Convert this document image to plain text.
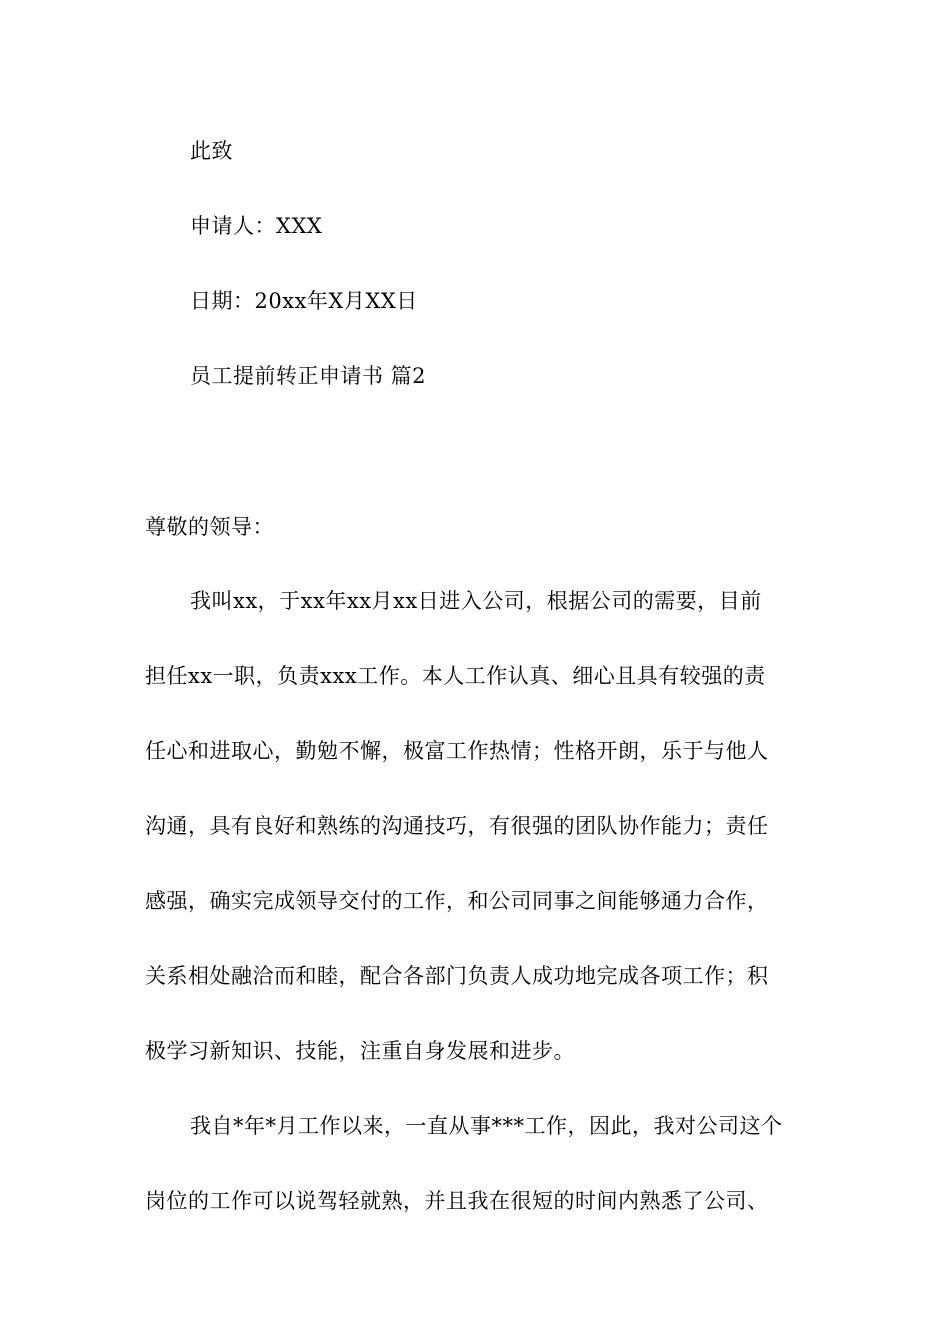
此致
申请人：XXX
日期：20xx年X月XX日
员工提前转正申请书 篇2
尊敬的领导：
我叫xx，于xx年xx月xx日进入公司，根据公司的需要，目前
担任xx一职，负责xxx工作。本人工作认真、细心且具有较强的责
任心和进取心，勤勉不懈，极富工作热情；性格开朗，乐于与他人
沟通，具有良好和熟练的沟通技巧，有很强的团队协作能力；责任
感强，确实完成领导交付的工作，和公司同事之间能够通力合作，
关系相处融洽而和睦，配合各部门负责人成功地完成各项工作；积
极学习新知识、技能，注重自身发展和进步。
我自*年*月工作以来，一直从事***工作，因此，我对公司这个
岗位的工作可以说驾轻就熟，并且我在很短的时间内熟悉了公司、
